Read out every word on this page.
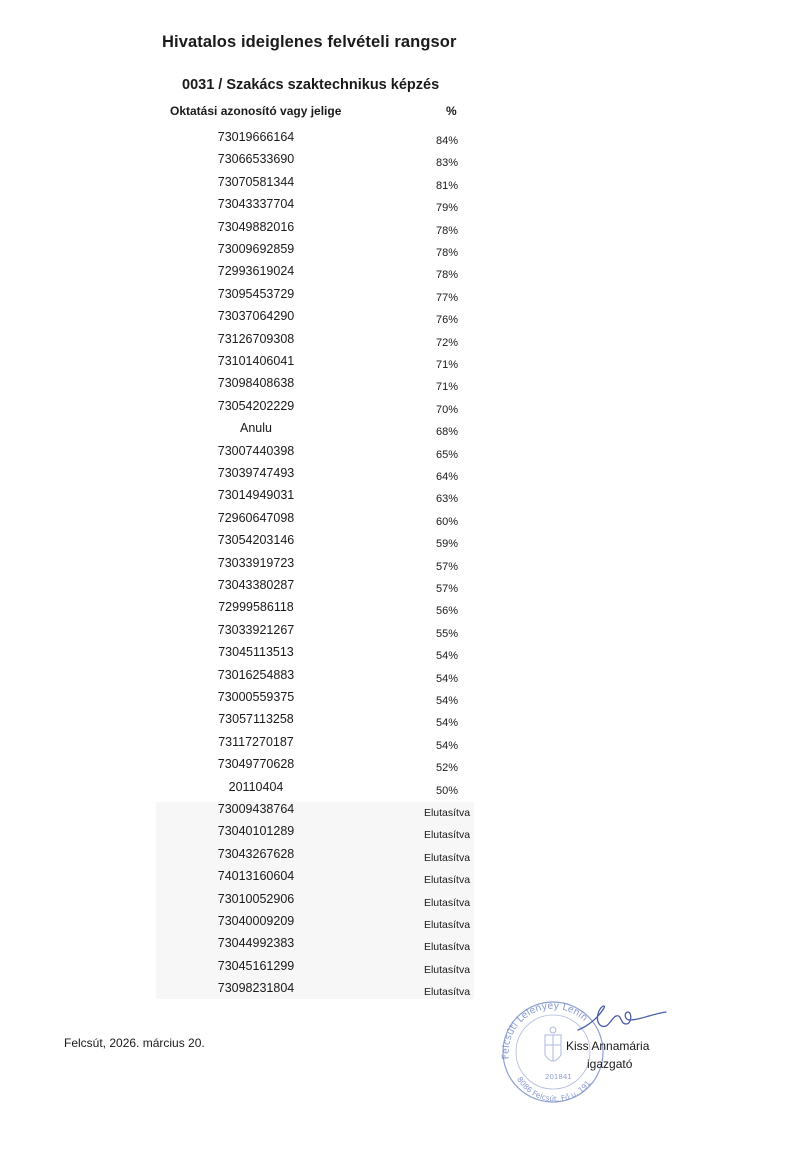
Hivatalos ideiglenes felvételi rangsor
0031 / Szakács szaktechnikus képzés
Oktatási azonosító vagy jelige	%
73019666164	84%
73066533690	83%
73070581344	81%
73043337704	79%
73049882016	78%
73009692859	78%
72993619024	78%
73095453729	77%
73037064290	76%
73126709308	72%
73101406041	71%
73098408638	71%
73054202229	70%
Anulu	68%
73007440398	65%
73039747493	64%
73014949031	63%
72960647098	60%
73054203146	59%
73033919723	57%
73043380287	57%
72999586118	56%
73033921267	55%
73045113513	54%
73016254883	54%
73000559375	54%
73057113258	54%
73117270187	54%
73049770628	52%
20110404	50%
73009438764	Elutasítva
73040101289	Elutasítva
73043267628	Elutasítva
74013160604	Elutasítva
73010052906	Elutasítva
73040009209	Elutasítva
73044992383	Elutasítva
73045161299	Elutasítva
73098231804	Elutasítva
Felcsút, 2026. március 20.
Felcsúti Lelenyey Lenin
8086 Felcsút, Fő u. 191
201841
Kiss Annamária
igazgató
